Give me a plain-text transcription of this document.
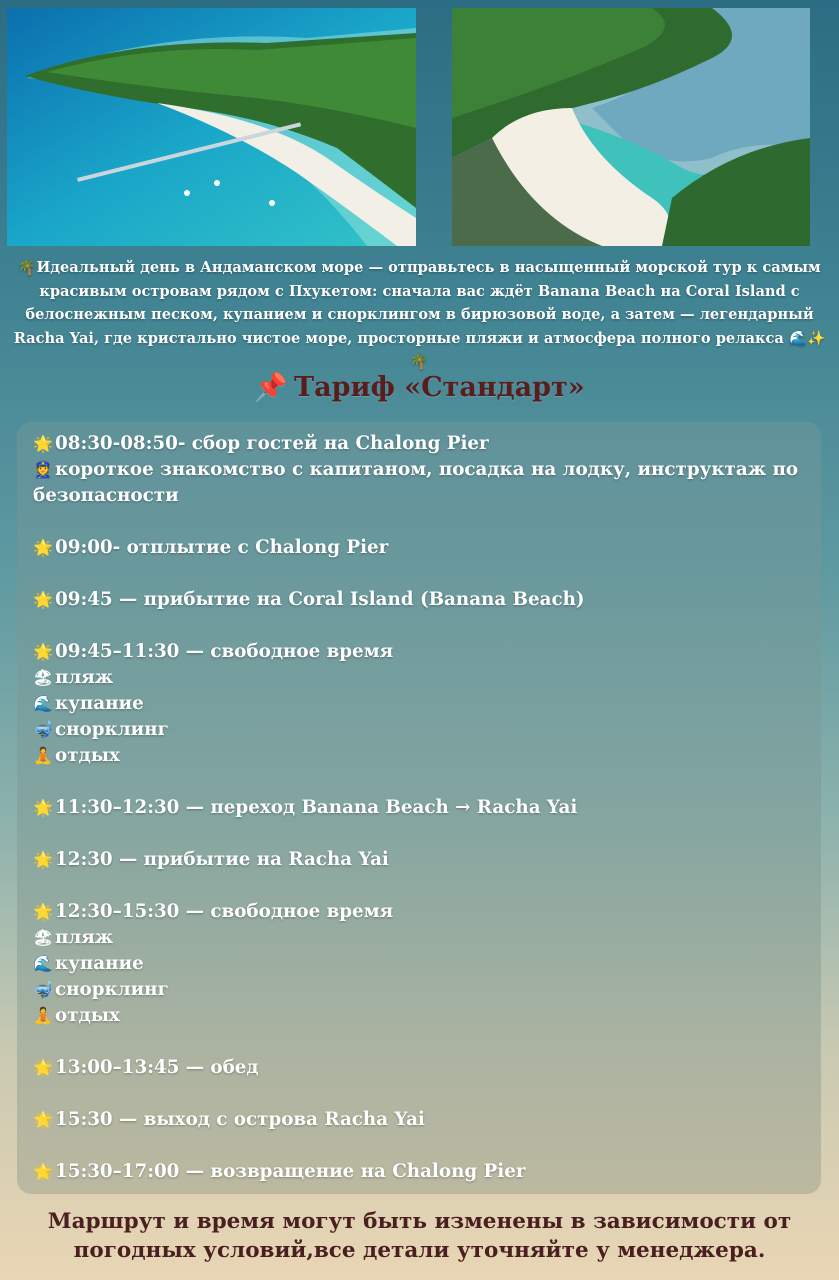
🌴Идеальный день в Андаманском море — отправьтесь в насыщенный морской тур к самым красивым островам рядом с Пхукетом: сначала вас ждёт Banana Beach на Coral Island с белоснежным песком, купанием и снорклингом в бирюзовой воде, а затем — легендарный Racha Yai, где кристально чистое море, просторные пляжи и атмосфера полного релакса 🌊✨🌴
📌 Тариф «Стандарт»
🌟 08:30-08:50- сбор гостей на Chalong Pier
👮 короткое знакомство с капитаном, посадка на лодку, инструктаж по безопасности
🌟 09:00- отплытие с Chalong Pier
🌟 09:45 — прибытие на Coral Island (Banana Beach)
🌟 09:45–11:30 — свободное время
🏖пляж
🌊 купание
🤿 снорклинг
🧘 отдых
🌟 11:30–12:30 — переход Banana Beach → Racha Yai
🌟 12:30 — прибытие на Racha Yai
🌟 12:30–15:30 — свободное время
🏖пляж
🌊 купание
🤿 снорклинг
🧘 отдых
🌟 13:00–13:45 — обед
🌟 15:30 — выход с острова Racha Yai
🌟 15:30–17:00 — возвращение на Chalong Pier
Маршрут и время могут быть изменены в зависимости от
погодных условий,все детали уточняйте у менеджера.
